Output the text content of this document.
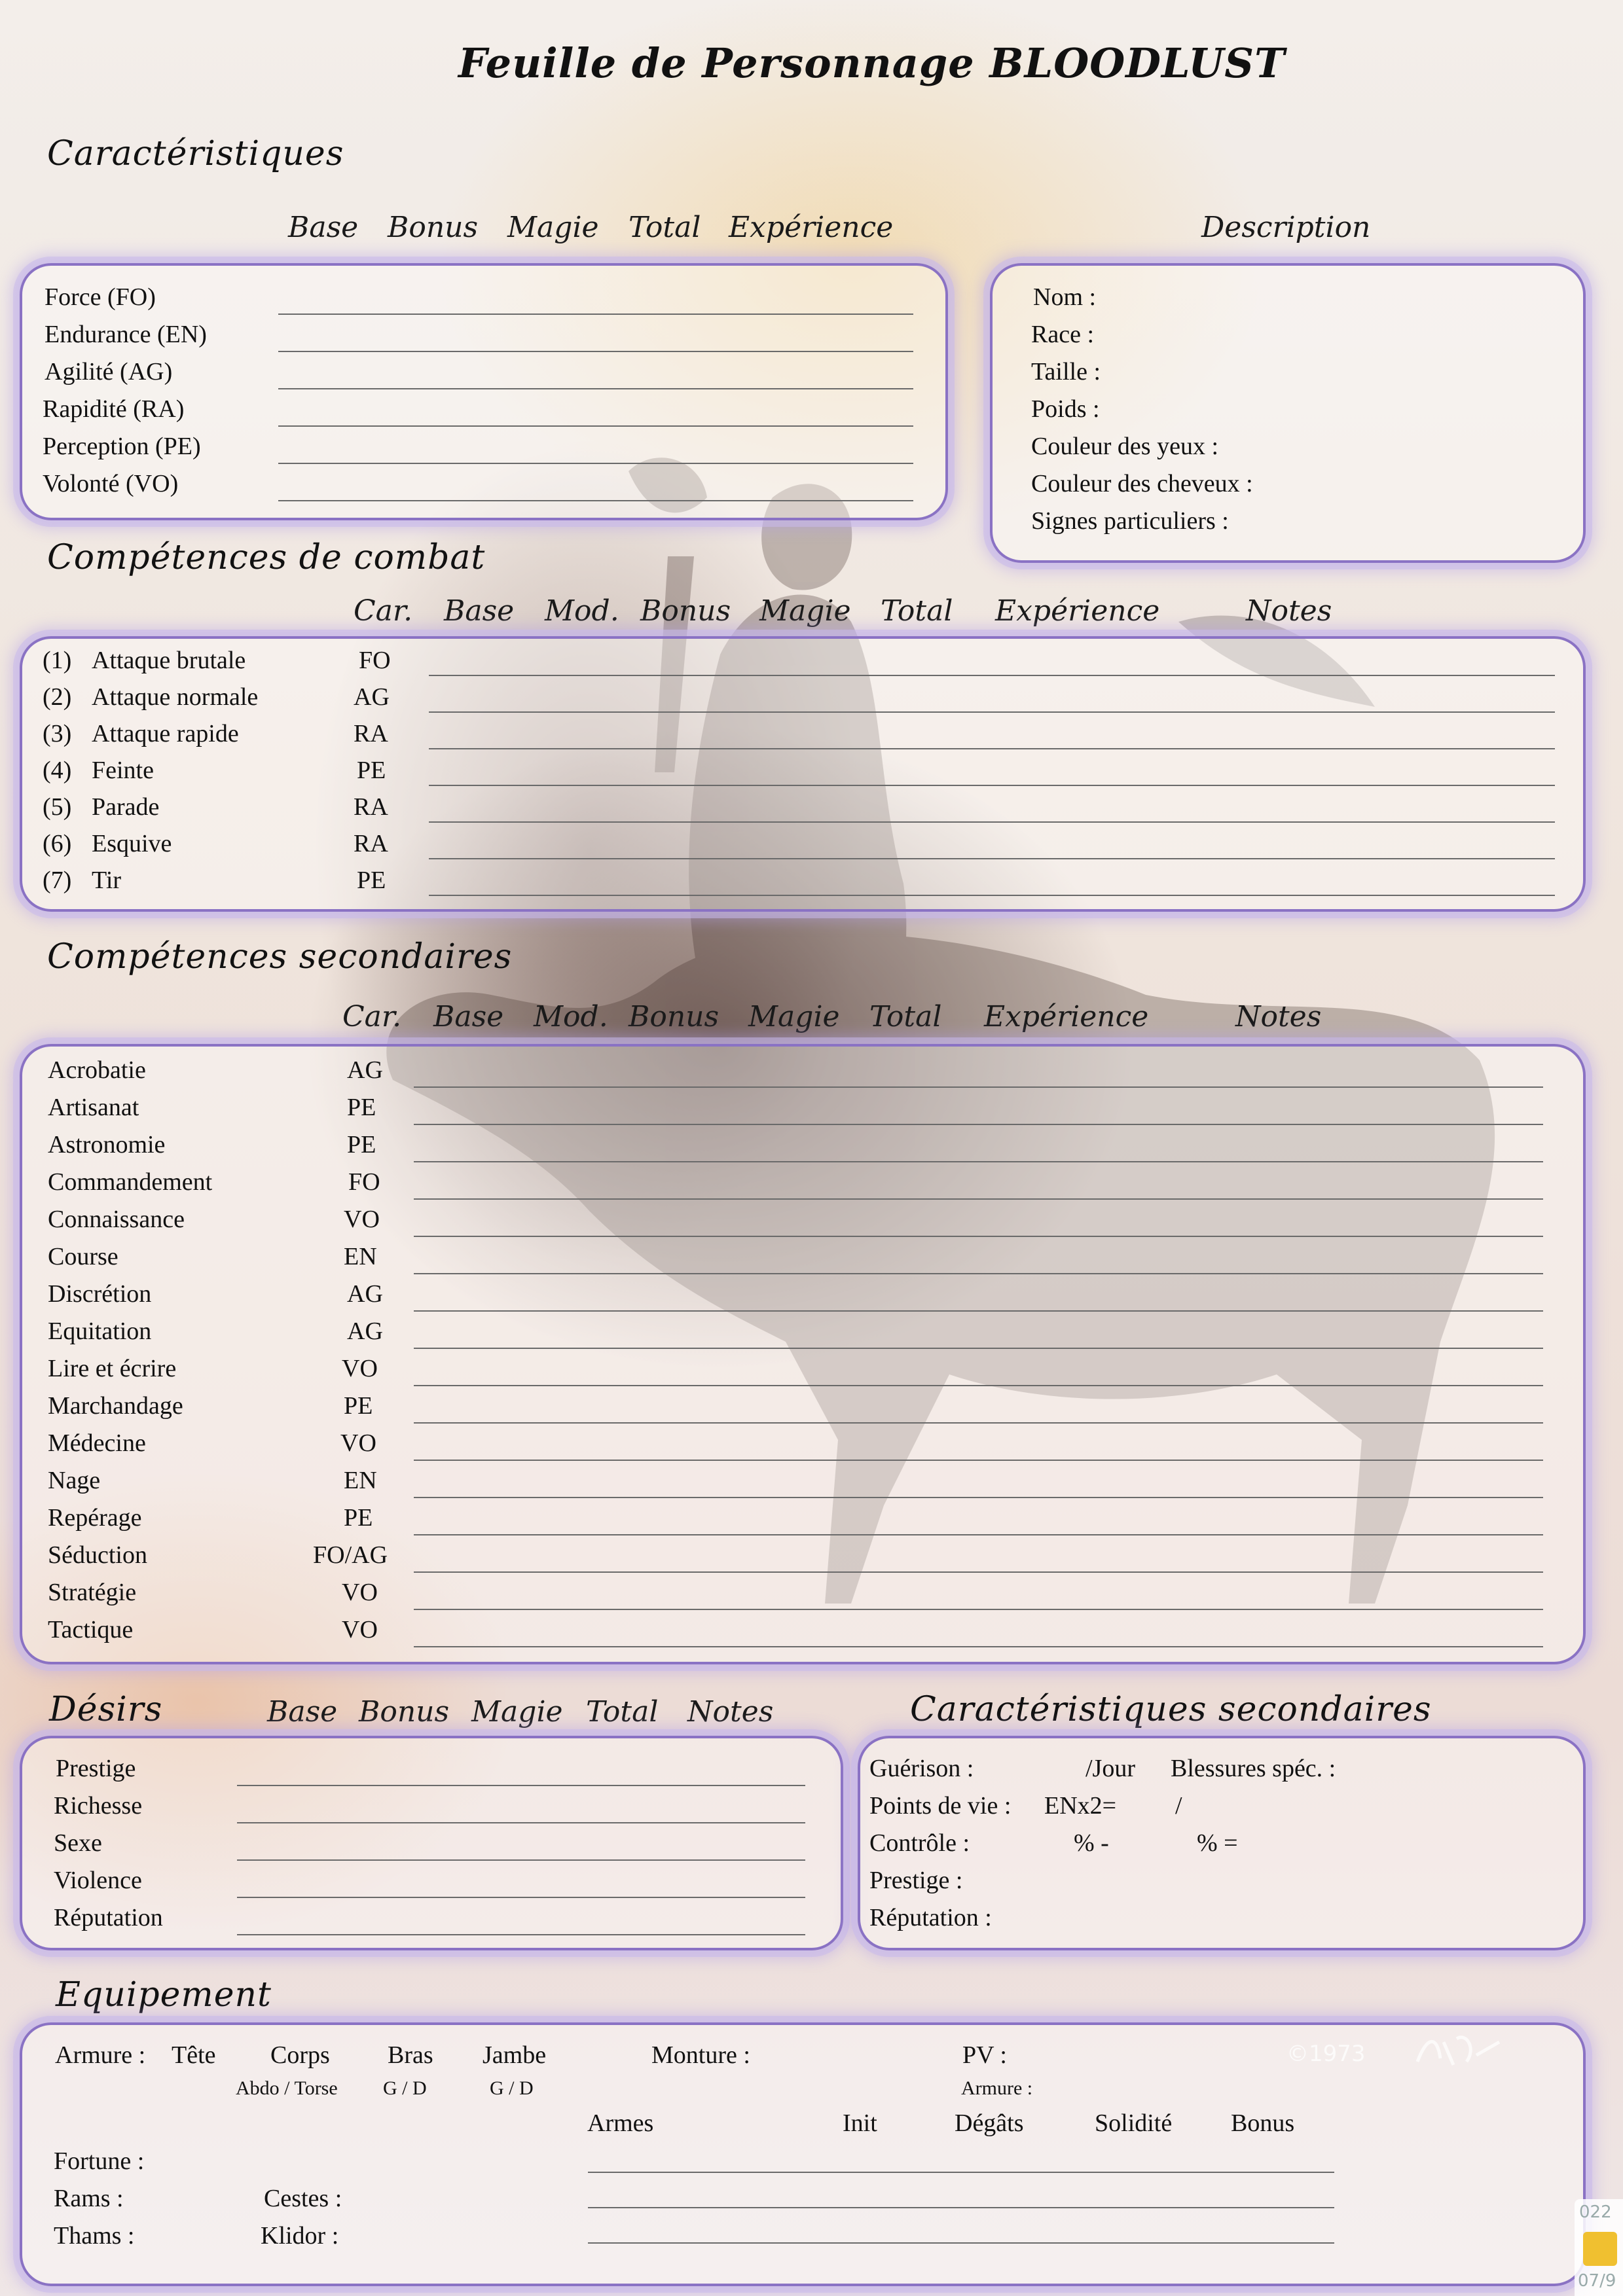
Feuille de Personnage BLOODLUST
Caractéristiques
Base Bonus Magie Total Expérience
Force (FO)
Endurance (EN)
Agilité (AG)
Rapidité (RA)
Perception (PE)
Volonté (VO)
Description
Nom :
Race :
Taille :
Poids :
Couleur des yeux :
Couleur des cheveux :
Signes particuliers :
Compétences de combat
Car. Base Mod. Bonus Magie Total Expérience	Notes
(1) Attaque brutale	FO
(2) Attaque normale	AG
(3) Attaque rapide	RA
(4) Feinte	PE
(5) Parade	RA
(6) Esquive	RA
(7) Tir	PE
Compétences secondaires
Car. Base Mod. Bonus Magie Total Expérience	Notes
Acrobatie	AG
Artisanat	PE
Astronomie	PE
Commandement	FO
Connaissance	VO
Course	EN
Discrétion	AG
Equitation	AG
Lire et écrire	VO
Marchandage	PE
Médecine	VO
Nage	EN
Repérage	PE
Séduction	FO/AG
Stratégie	VO
Tactique	VO
Désirs	Base Bonus Magie Total Notes
Prestige
Richesse
Sexe
Violence
Réputation
Caractéristiques secondaires
Guérison :	/Jour Blessures spéc. :
Points de vie : ENx2= /
Contrôle :	% -	% =
Prestige :
Réputation :
Equipement
Armure : Tête Corps Bras Jambe
Abdo / Torse G / D	G / D
Monture :	PV :
Armure :
Armes	Init	Dégâts	Solidité Bonus
Fortune :
Rams :
Thams :
Cestes :
Klidor :
©1973
022
07/9
